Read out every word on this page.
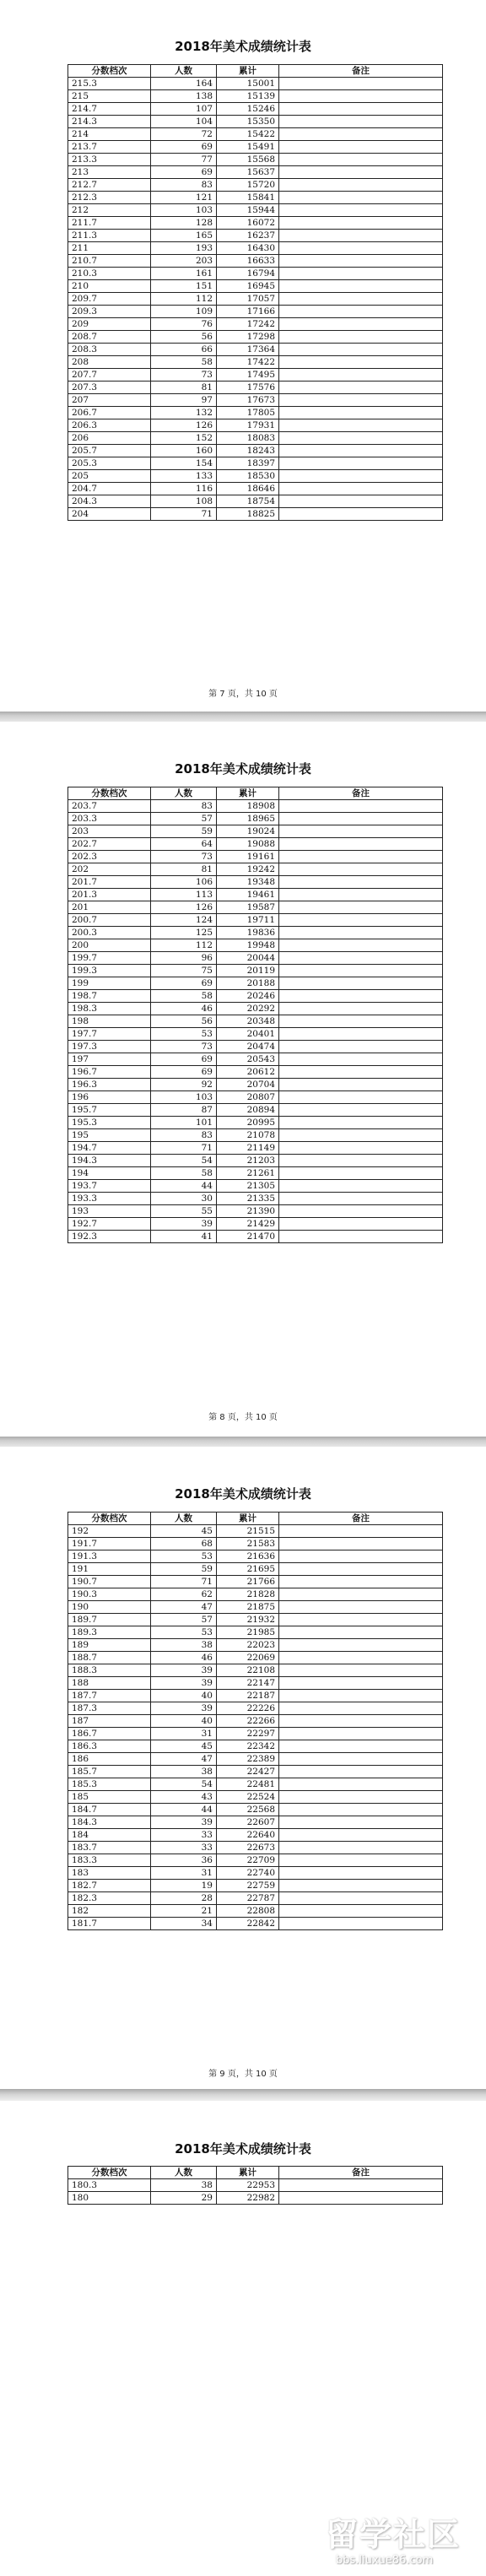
2018年美术成绩统计表
分数档次	人数	累计	备注
215.3	164	15001	
215	138	15139	
214.7	107	15246	
214.3	104	15350	
214	72	15422	
213.7	69	15491	
213.3	77	15568	
213	69	15637	
212.7	83	15720	
212.3	121	15841	
212	103	15944	
211.7	128	16072	
211.3	165	16237	
211	193	16430	
210.7	203	16633	
210.3	161	16794	
210	151	16945	
209.7	112	17057	
209.3	109	17166	
209	76	17242	
208.7	56	17298	
208.3	66	17364	
208	58	17422	
207.7	73	17495	
207.3	81	17576	
207	97	17673	
206.7	132	17805	
206.3	126	17931	
206	152	18083	
205.7	160	18243	
205.3	154	18397	
205	133	18530	
204.7	116	18646	
204.3	108	18754	
204	71	18825	
第 7 页，共 10 页
2018年美术成绩统计表
分数档次	人数	累计	备注
203.7	83	18908	
203.3	57	18965	
203	59	19024	
202.7	64	19088	
202.3	73	19161	
202	81	19242	
201.7	106	19348	
201.3	113	19461	
201	126	19587	
200.7	124	19711	
200.3	125	19836	
200	112	19948	
199.7	96	20044	
199.3	75	20119	
199	69	20188	
198.7	58	20246	
198.3	46	20292	
198	56	20348	
197.7	53	20401	
197.3	73	20474	
197	69	20543	
196.7	69	20612	
196.3	92	20704	
196	103	20807	
195.7	87	20894	
195.3	101	20995	
195	83	21078	
194.7	71	21149	
194.3	54	21203	
194	58	21261	
193.7	44	21305	
193.3	30	21335	
193	55	21390	
192.7	39	21429	
192.3	41	21470	
第 8 页，共 10 页
2018年美术成绩统计表
分数档次	人数	累计	备注
192	45	21515	
191.7	68	21583	
191.3	53	21636	
191	59	21695	
190.7	71	21766	
190.3	62	21828	
190	47	21875	
189.7	57	21932	
189.3	53	21985	
189	38	22023	
188.7	46	22069	
188.3	39	22108	
188	39	22147	
187.7	40	22187	
187.3	39	22226	
187	40	22266	
186.7	31	22297	
186.3	45	22342	
186	47	22389	
185.7	38	22427	
185.3	54	22481	
185	43	22524	
184.7	44	22568	
184.3	39	22607	
184	33	22640	
183.7	33	22673	
183.3	36	22709	
183	31	22740	
182.7	19	22759	
182.3	28	22787	
182	21	22808	
181.7	34	22842	
第 9 页，共 10 页
2018年美术成绩统计表
分数档次	人数	累计	备注
180.3	38	22953	
180	29	22982	
留学社区
bbs.liuxue86.com
